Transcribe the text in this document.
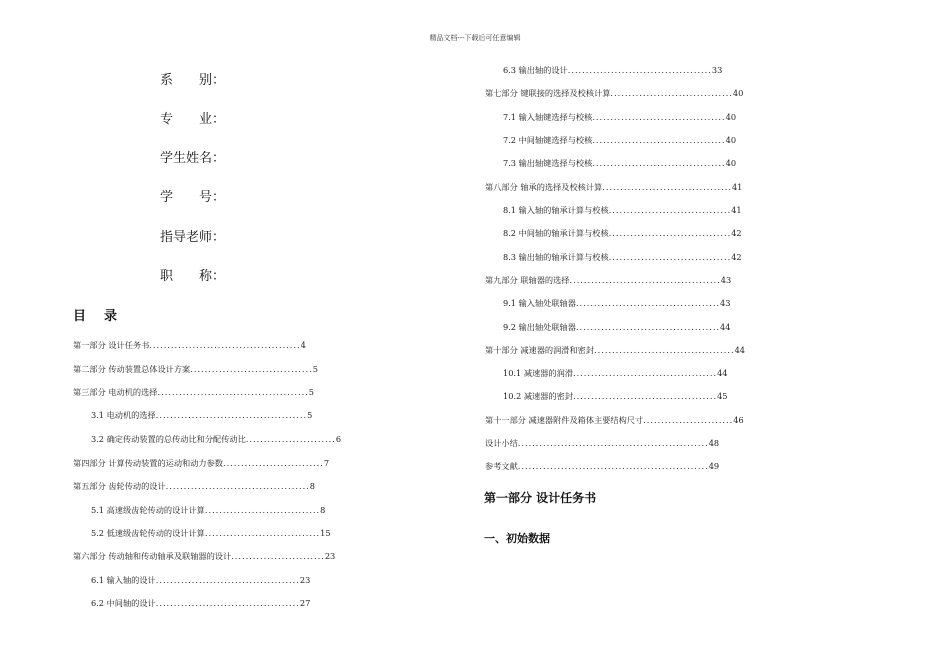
精品文档---下载后可任意编辑
系　　别：
专　　业：
学生姓名：
学　　号：
指导老师：
职　　称：
目录
第一部分 设计任务书..........................................4
第二部分 传动装置总体设计方案..................................5
第三部分 电动机的选择..........................................5
3.1 电动机的选择..........................................5
3.2 确定传动装置的总传动比和分配传动比.........................6
第四部分 计算传动装置的运动和动力参数............................7
第五部分 齿轮传动的设计........................................8
5.1 高速级齿轮传动的设计计算................................8
5.2 低速级齿轮传动的设计计算................................15
第六部分 传动轴和传动轴承及联轴器的设计..........................23
6.1 输入轴的设计........................................23
6.2 中间轴的设计........................................27
6.3 输出轴的设计........................................33
第七部分 键联接的选择及校核计算..................................40
7.1 输入轴键选择与校核.....................................40
7.2 中间轴键选择与校核.....................................40
7.3 输出轴键选择与校核.....................................40
第八部分 轴承的选择及校核计算....................................41
8.1 输入轴的轴承计算与校核..................................41
8.2 中间轴的轴承计算与校核..................................42
8.3 输出轴的轴承计算与校核..................................42
第九部分 联轴器的选择..........................................43
9.1 输入轴处联轴器........................................43
9.2 输出轴处联轴器........................................44
第十部分 减速器的润滑和密封.......................................44
10.1 减速器的润滑........................................44
10.2 减速器的密封........................................45
第十一部分 减速器附件及箱体主要结构尺寸.........................46
设计小结.....................................................48
参考文献.....................................................49
第一部分 设计任务书
一、初始数据
